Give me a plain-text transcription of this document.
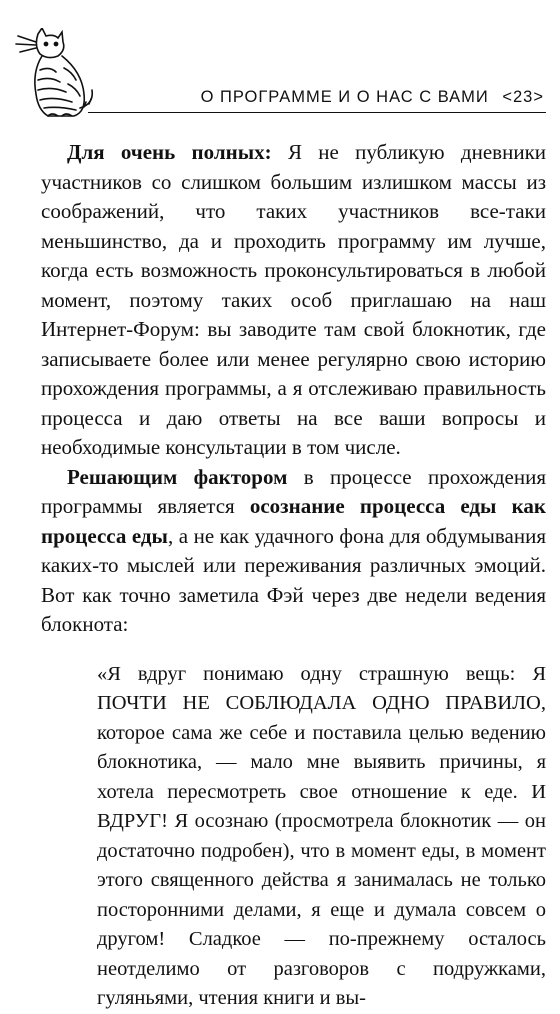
О ПРОГРАММЕ И О НАС С ВАМИ <23>

Для очень полных: Я не публикую дневники участников со слишком большим излишком массы из соображений, что таких участников все-таки меньшинство, да и проходить программу им лучше, когда есть возможность проконсультироваться в любой момент, поэтому таких особ приглашаю на наш Интернет-Форум: вы заводите там свой блокнотик, где записываете более или менее регулярно свою историю прохождения программы, а я отслеживаю правильность процесса и даю ответы на все ваши вопросы и необходимые консультации в том числе.

Решающим фактором в процессе прохождения программы является осознание процесса еды как процесса еды, а не как удачного фона для обдумывания каких-то мыслей или переживания различных эмоций. Вот как точно заметила Фэй через две недели ведения блокнота:

«Я вдруг понимаю одну страшную вещь: Я ПОЧТИ НЕ СОБЛЮДАЛА ОДНО ПРАВИЛО, которое сама же себе и поставила целью ведению блокнотика, — мало мне выявить причины, я хотела пересмотреть свое отношение к еде. И ВДРУГ! Я осознаю (просмотрела блокнотик — он достаточно подробен), что в момент еды, в момент этого священного действа я занималась не только посторонними делами, я еще и думала совсем о другом! Сладкое — по-прежнему осталось неотделимо от разговоров с подружками, гуляньями, чтения книги и вы-
